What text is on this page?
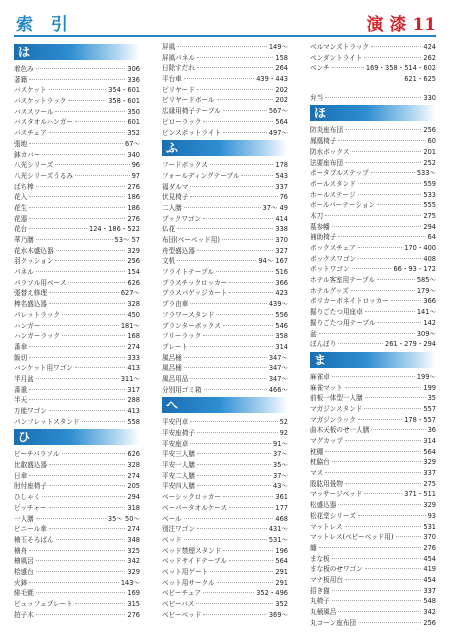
索 引	演 漆 11
は
着色み	306
著籍	336
バスケット	354・601
バスケットラック	358・601
バススツール	350
バスタオルハンガー	601
バスチェア	352
張地	67～
鉢カバー	340
八光シリーズ	96
八光シリーズうるみ	97
ばち棒	276
花入	186
花生	186
花器	276
花台	124・186・522
華乃膳	53～ 57
花水木盛込器	329
羽クッション	256
パネル	154
パラソル用ベース	626
張替え修理	627～
棒名盛込器	328
パレットラック	450
ハンガー	181～
ハンガーラック	168
番傘	274
飯切	333
バンケット用ワゴン	413
半月盆	311～
番重	317
半天	288
万能ワゴン	413
パンフレットスタンド	558
ひ
ビーチパラソル	626
比叡盛込器	328
日傘	274
肘付座椅子	205
ひしゃく	294
ピッチャー	318
一人膳	35～ 50～
ビニール傘	274
檜玉そろばん	348
檜舟	325
檜風呂	342
桧盛台	329
火鉢	143～
緋毛氈	169
ビュッフェプレート	315
拍子木	276
屏風	149～
屏風パネル	158
日除すだれ	264
平台車	439・443
ピリヤード	202
ビリヤードボール	202
広縁用椅子テーブル	567～
ピローラック	564
ピンスポットライト	497～
ふ
フードボックス	178
フォールディングテーブル	543
福ダルマ	337
伏見椅子	76
二人膳	37～ 49
ブックワゴン	414
仏花	338
布団(ベーベッド用)	370
舟型盛込器	327
文机	94～ 167
フライトテーブル	516
プラスチックロッカー	366
プラスパゲッジカート	423
プラ由車	439～
フラワースタンド	556
プランターボックス	546
フリーラック	358
プレート	314
風呂桶	347～
風呂桶	347～
風呂用品	347～
分別用ゴミ箱	466～
へ
平安円卓	52
平安座椅子	92
平安座卓	91～
平安三人膳	37～
平安一人膳	35～
平安二人膳	37～
平安四人膳	43～
ベーシックロッカー	361
ベーパータオルケース	177
ベール	468
別注ワゴン	431～
ベッド	531～
ベッド禁煙スタンド	196
ベッドサイドテーブル	564
ベット用ゲート	291
ベット用サークル	291
ベビーチェア	352・496
ベビーバス	352
ベビーベッド	369～
ベルマンズトラック	424
ペンダントライト	262
ベンチ	169・358・514・602
621・625
弁当	330
ほ
防炎座布団	256
鳳凰椅子	60
防水ボックス	201
法要座布団	252
ポータブルステップ	533～
ボールスタンド	559
ホールステージ	533
ボールパーテーション	555
木刀	275
墓参幡	294
補助椅子	64
ボックスチェア	170・400
ボックスワゴン	408
ボットワゴン	66・93・172
ホテル客室用テーブル	585～
ホテルグッズ	179～
ポリカーボネイトロッカー	366
掘りごたつ用座卓	141～
掘りごたつ用テーブル	142
盆	309～
ぼんぼり	261・279・294
ま
麻雀卓	199～
麻雀マット	199
前板一体型一人膳	35
マガジンスタンド	557
マガジンラック	178・557
曲木天板のせ一人膳	36
マグカップ	314
枕棚	564
枕脇台	329
マス	337
股肱用畳物	275
マッサージベッド	371・511
松盛込器	329
松花堂シリーズ	93
マットレス	531
マットレス(ベビーベッド用)	370
纏	276
まな板	454
まな板のせワゴン	419
マナ板用台	454
招き猫	337
丸椅子	548
丸桶風呂	342
丸コーン座布団	256
